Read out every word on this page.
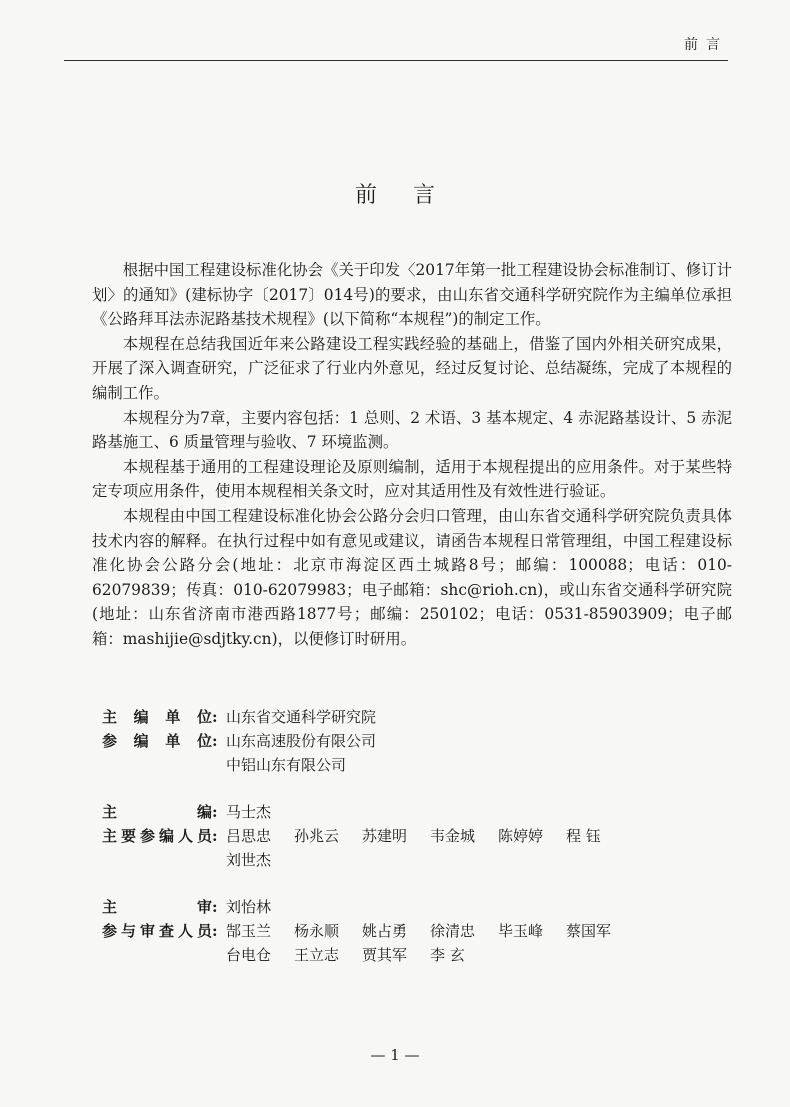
前言
前言

根据中国工程建设标准化协会《关于印发〈2017年第一批工程建设协会标准制订、修订计划〉的通知》(建标协字〔2017〕014号)的要求，由山东省交通科学研究院作为主编单位承担《公路拜耳法赤泥路基技术规程》(以下简称“本规程”)的制定工作。

本规程在总结我国近年来公路建设工程实践经验的基础上，借鉴了国内外相关研究成果，开展了深入调查研究，广泛征求了行业内外意见，经过反复讨论、总结凝练，完成了本规程的编制工作。

本规程分为7章，主要内容包括：1 总则、2 术语、3 基本规定、4 赤泥路基设计、5 赤泥路基施工、6 质量管理与验收、7 环境监测。

本规程基于通用的工程建设理论及原则编制，适用于本规程提出的应用条件。对于某些特定专项应用条件，使用本规程相关条文时，应对其适用性及有效性进行验证。

本规程由中国工程建设标准化协会公路分会归口管理，由山东省交通科学研究院负责具体技术内容的解释。在执行过程中如有意见或建议，请函告本规程日常管理组，中国工程建设标准化协会公路分会(地址：北京市海淀区西土城路8号；邮编：100088；电话：010-62079839；传真：010-62079983；电子邮箱：shc@rioh.cn)，或山东省交通科学研究院(地址：山东省济南市港西路1877号；邮编：250102；电话：0531-85903909；电子邮箱：mashijie@sdjtky.cn)，以便修订时研用。

主编单位 : 山东省交通科学研究院
参编单位 : 山东高速股份有限公司
中铝山东有限公司
主编 : 马士杰
主要参编人员 : 吕思忠	孙兆云	苏建明	韦金城	陈婷婷	程 钰
刘世杰
主审 : 刘怡林
参与审查人员 : 郜玉兰	杨永顺	姚占勇	徐清忠	毕玉峰	蔡国军
台电仓	王立志	贾其军	李 玄
— 1 —
